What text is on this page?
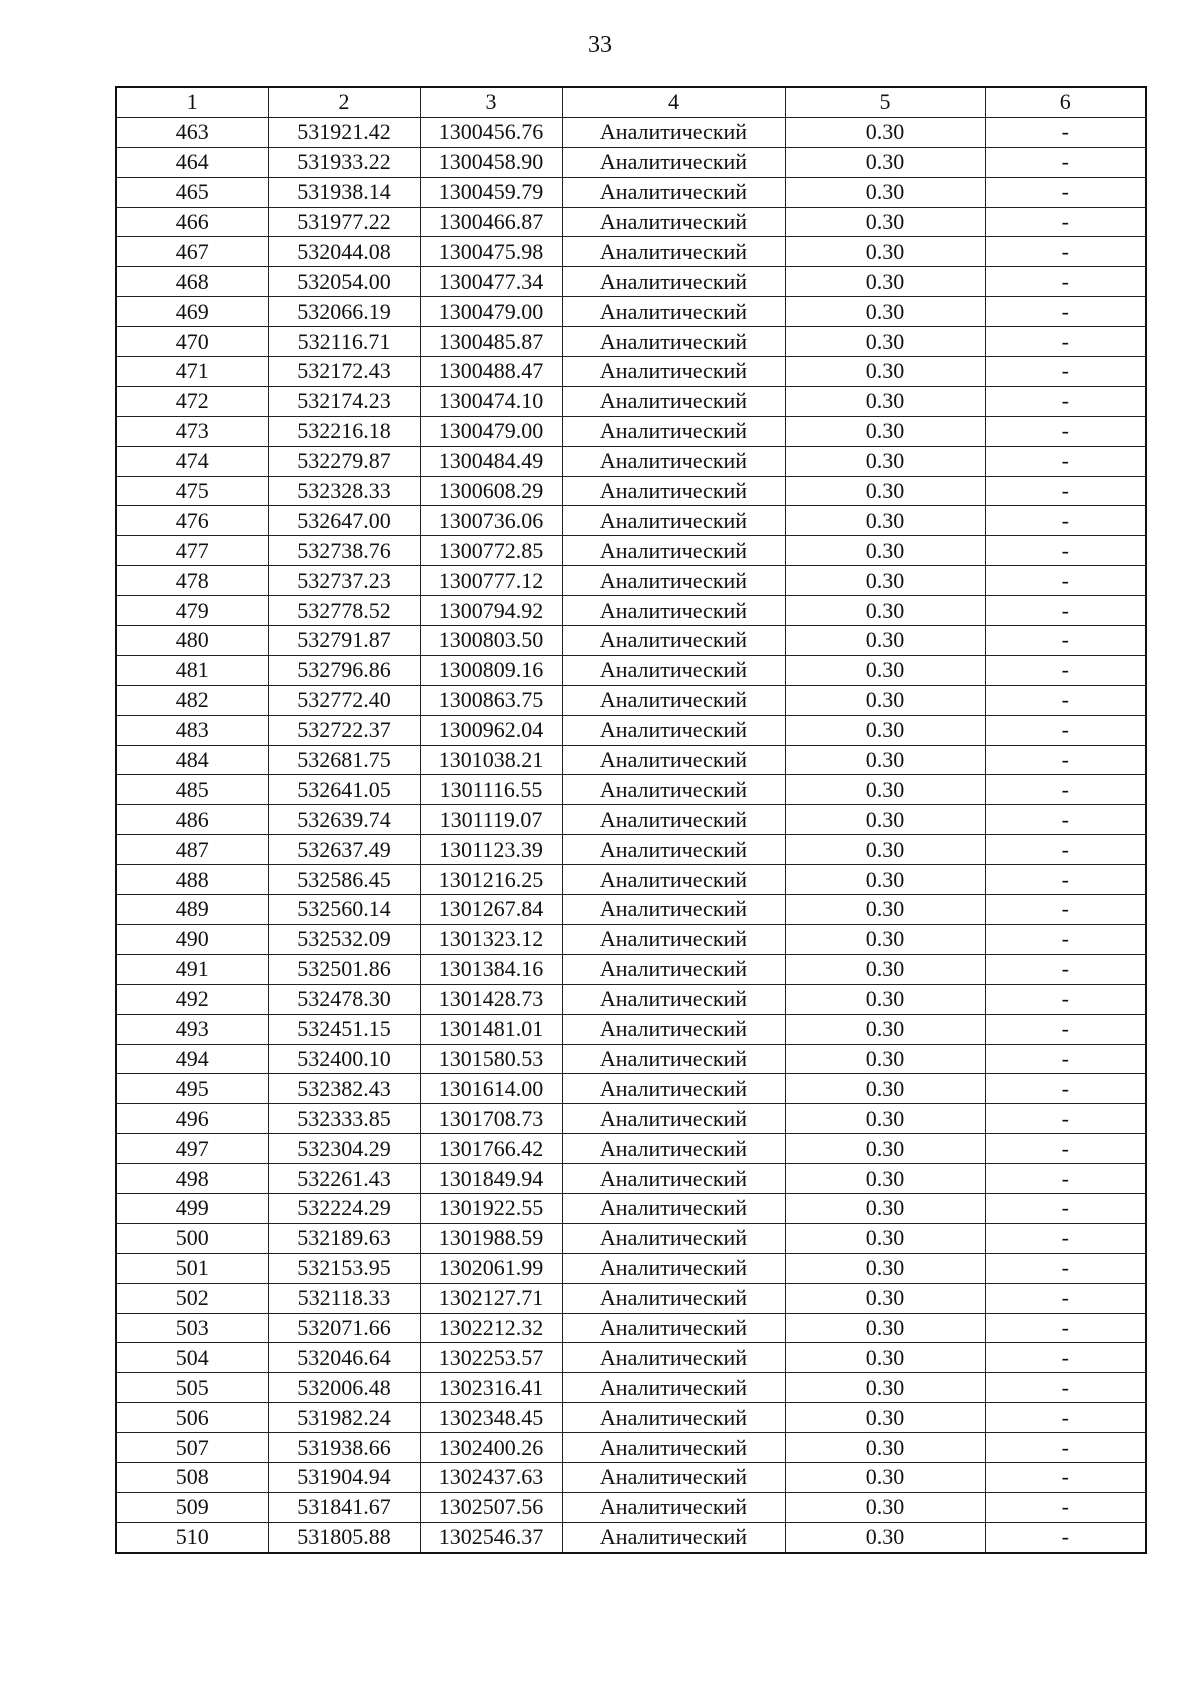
33
1	2	3	4	5	6
463	531921.42	1300456.76	Аналитический	0.30	-
464	531933.22	1300458.90	Аналитический	0.30	-
465	531938.14	1300459.79	Аналитический	0.30	-
466	531977.22	1300466.87	Аналитический	0.30	-
467	532044.08	1300475.98	Аналитический	0.30	-
468	532054.00	1300477.34	Аналитический	0.30	-
469	532066.19	1300479.00	Аналитический	0.30	-
470	532116.71	1300485.87	Аналитический	0.30	-
471	532172.43	1300488.47	Аналитический	0.30	-
472	532174.23	1300474.10	Аналитический	0.30	-
473	532216.18	1300479.00	Аналитический	0.30	-
474	532279.87	1300484.49	Аналитический	0.30	-
475	532328.33	1300608.29	Аналитический	0.30	-
476	532647.00	1300736.06	Аналитический	0.30	-
477	532738.76	1300772.85	Аналитический	0.30	-
478	532737.23	1300777.12	Аналитический	0.30	-
479	532778.52	1300794.92	Аналитический	0.30	-
480	532791.87	1300803.50	Аналитический	0.30	-
481	532796.86	1300809.16	Аналитический	0.30	-
482	532772.40	1300863.75	Аналитический	0.30	-
483	532722.37	1300962.04	Аналитический	0.30	-
484	532681.75	1301038.21	Аналитический	0.30	-
485	532641.05	1301116.55	Аналитический	0.30	-
486	532639.74	1301119.07	Аналитический	0.30	-
487	532637.49	1301123.39	Аналитический	0.30	-
488	532586.45	1301216.25	Аналитический	0.30	-
489	532560.14	1301267.84	Аналитический	0.30	-
490	532532.09	1301323.12	Аналитический	0.30	-
491	532501.86	1301384.16	Аналитический	0.30	-
492	532478.30	1301428.73	Аналитический	0.30	-
493	532451.15	1301481.01	Аналитический	0.30	-
494	532400.10	1301580.53	Аналитический	0.30	-
495	532382.43	1301614.00	Аналитический	0.30	-
496	532333.85	1301708.73	Аналитический	0.30	-
497	532304.29	1301766.42	Аналитический	0.30	-
498	532261.43	1301849.94	Аналитический	0.30	-
499	532224.29	1301922.55	Аналитический	0.30	-
500	532189.63	1301988.59	Аналитический	0.30	-
501	532153.95	1302061.99	Аналитический	0.30	-
502	532118.33	1302127.71	Аналитический	0.30	-
503	532071.66	1302212.32	Аналитический	0.30	-
504	532046.64	1302253.57	Аналитический	0.30	-
505	532006.48	1302316.41	Аналитический	0.30	-
506	531982.24	1302348.45	Аналитический	0.30	-
507	531938.66	1302400.26	Аналитический	0.30	-
508	531904.94	1302437.63	Аналитический	0.30	-
509	531841.67	1302507.56	Аналитический	0.30	-
510	531805.88	1302546.37	Аналитический	0.30	-
